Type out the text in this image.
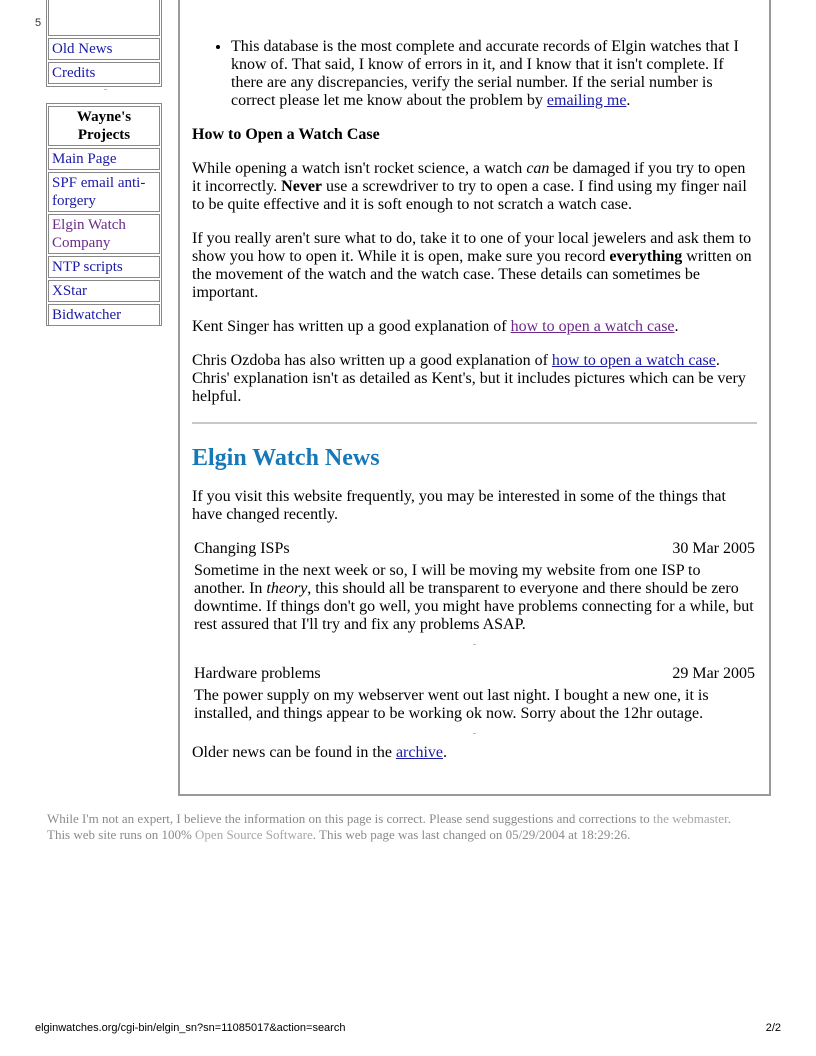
5
Old News
Credits
Wayne's Projects
Main Page
SPF email anti-forgery
Elgin Watch Company
NTP scripts
XStar
Bidwatcher
• This database is the most complete and accurate records of Elgin watches that I know of. That said, I know of errors in it, and I know that it isn't complete. If there are any discrepancies, verify the serial number. If the serial number is correct please let me know about the problem by emailing me.

How to Open a Watch Case

While opening a watch isn't rocket science, a watch can be damaged if you try to open it incorrectly. Never use a screwdriver to try to open a case. I find using my finger nail to be quite effective and it is soft enough to not scratch a watch case.

If you really aren't sure what to do, take it to one of your local jewelers and ask them to show you how to open it. While it is open, make sure you record everything written on the movement of the watch and the watch case. These details can sometimes be important.

Kent Singer has written up a good explanation of how to open a watch case.

Chris Ozdoba has also written up a good explanation of how to open a watch case. Chris' explanation isn't as detailed as Kent's, but it includes pictures which can be very helpful.

Elgin Watch News

If you visit this website frequently, you may be interested in some of the things that have changed recently.

Changing ISPs	30 Mar 2005
Sometime in the next week or so, I will be moving my website from one ISP to another. In theory, this should all be transparent to everyone and there should be zero downtime. If things don't go well, you might have problems connecting for a while, but rest assured that I'll try and fix any problems ASAP.
Hardware problems	29 Mar 2005
The power supply on my webserver went out last night. I bought a new one, it is installed, and things appear to be working ok now. Sorry about the 12hr outage.

Older news can be found in the archive.

While I'm not an expert, I believe the information on this page is correct. Please send suggestions and corrections to the webmaster.
This web site runs on 100% Open Source Software. This web page was last changed on 05/29/2004 at 18:29:26.
elginwatches.org/cgi-bin/elgin_sn?sn=11085017&action=search	2/2
